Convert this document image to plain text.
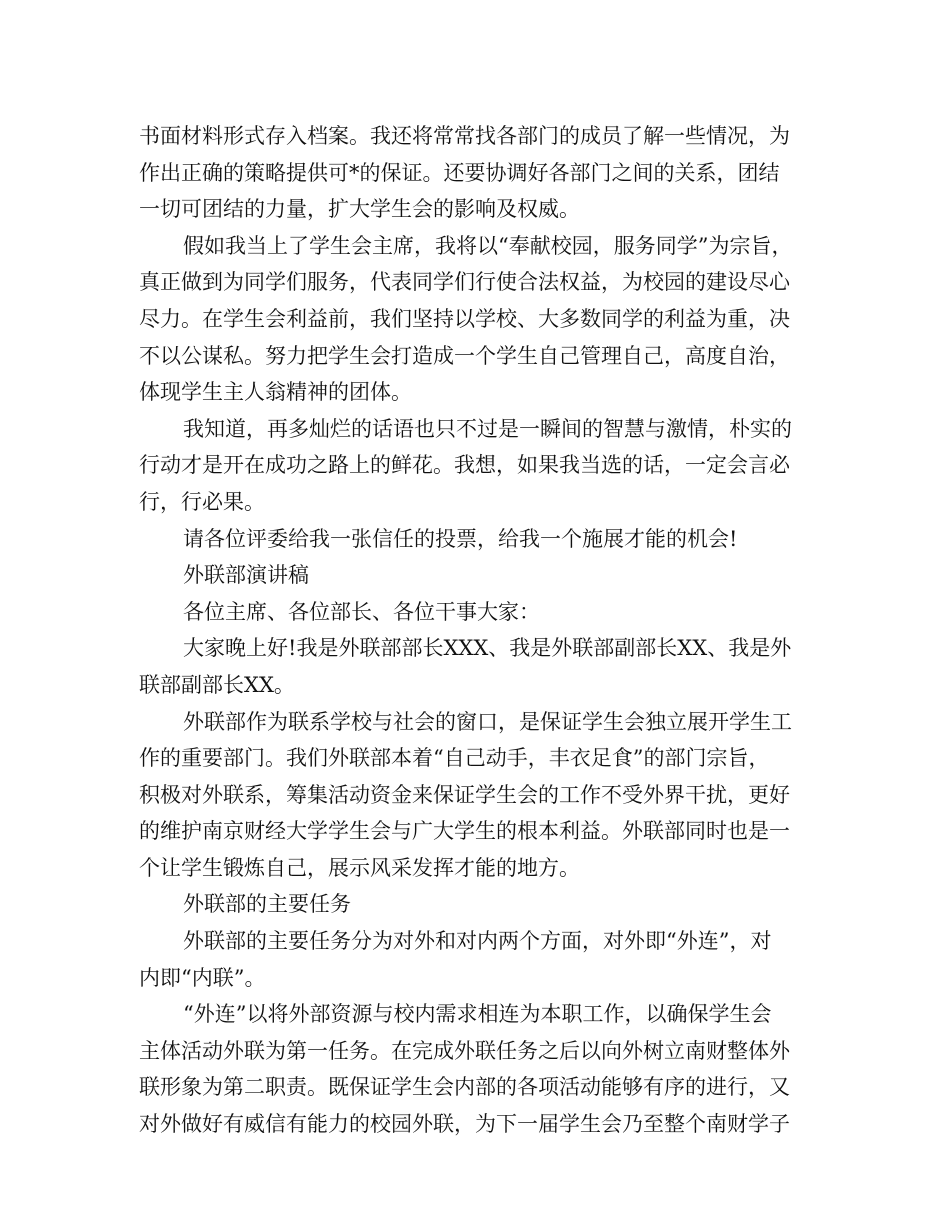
书面材料形式存入档案。我还将常常找各部门的成员了解一些情况，为
作出正确的策略提供可*的保证。还要协调好各部门之间的关系，团结
一切可团结的力量，扩大学生会的影响及权威。
假如我当上了学生会主席，我将以“奉献校园，服务同学”为宗旨，
真正做到为同学们服务，代表同学们行使合法权益，为校园的建设尽心
尽力。在学生会利益前，我们坚持以学校、大多数同学的利益为重，决
不以公谋私。努力把学生会打造成一个学生自己管理自己，高度自治，
体现学生主人翁精神的团体。
我知道，再多灿烂的话语也只不过是一瞬间的智慧与激情，朴实的
行动才是开在成功之路上的鲜花。我想，如果我当选的话，一定会言必
行，行必果。
请各位评委给我一张信任的投票，给我一个施展才能的机会!
外联部演讲稿
各位主席、各位部长、各位干事大家：
大家晚上好!我是外联部部长XXX、我是外联部副部长XX、我是外
联部副部长XX。
外联部作为联系学校与社会的窗口，是保证学生会独立展开学生工
作的重要部门。我们外联部本着“自己动手，丰衣足食”的部门宗旨，
积极对外联系，筹集活动资金来保证学生会的工作不受外界干扰，更好
的维护南京财经大学学生会与广大学生的根本利益。外联部同时也是一
个让学生锻炼自己，展示风采发挥才能的地方。
外联部的主要任务
外联部的主要任务分为对外和对内两个方面，对外即“外连”，对
内即“内联”。
“外连”以将外部资源与校内需求相连为本职工作，以确保学生会
主体活动外联为第一任务。在完成外联任务之后以向外树立南财整体外
联形象为第二职责。既保证学生会内部的各项活动能够有序的进行，又
对外做好有威信有能力的校园外联，为下一届学生会乃至整个南财学子
